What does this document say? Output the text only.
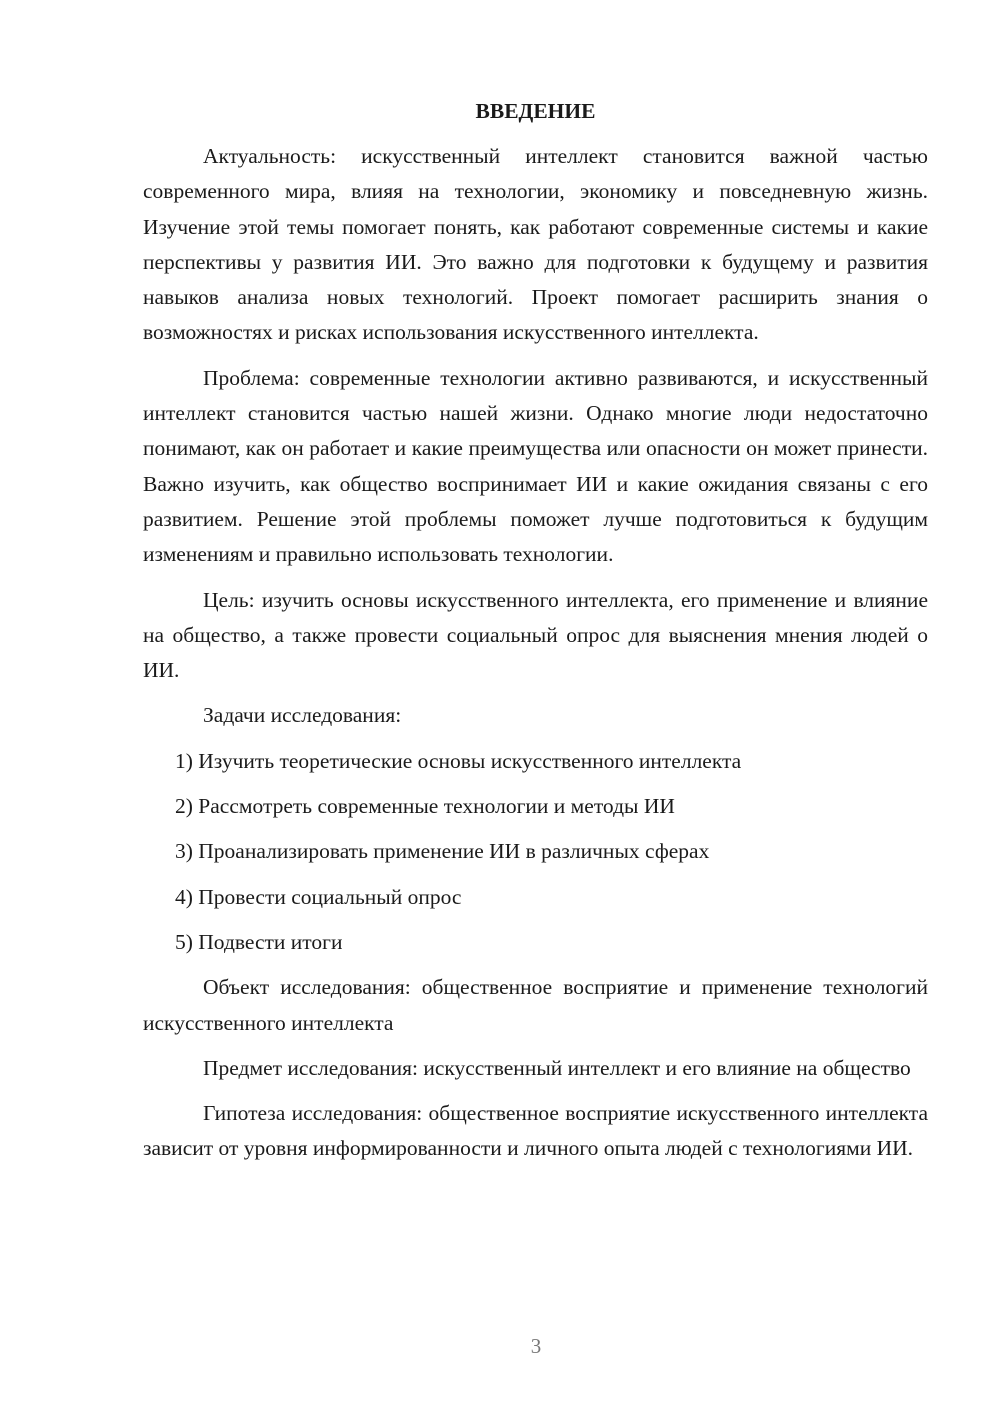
ВВЕДЕНИЕ

Актуальность: искусственный интеллект становится важной частью современного мира, влияя на технологии, экономику и повседневную жизнь. Изучение этой темы помогает понять, как работают современные системы и какие перспективы у развития ИИ. Это важно для подготовки к будущему и развития навыков анализа новых технологий. Проект помогает расширить знания о возможностях и рисках использования искусственного интеллекта.

Проблема: современные технологии активно развиваются, и искусственный интеллект становится частью нашей жизни. Однако многие люди недостаточно понимают, как он работает и какие преимущества или опасности он может принести. Важно изучить, как общество воспринимает ИИ и какие ожидания связаны с его развитием. Решение этой проблемы поможет лучше подготовиться к будущим изменениям и правильно использовать технологии.

Цель: изучить основы искусственного интеллекта, его применение и влияние на общество, а также провести социальный опрос для выяснения мнения людей о ИИ.

Задачи исследования:
1) Изучить теоретические основы искусственного интеллекта
2) Рассмотреть современные технологии и методы ИИ
3) Проанализировать применение ИИ в различных сферах
4) Провести социальный опрос
5) Подвести итоги

Объект исследования: общественное восприятие и применение технологий искусственного интеллекта

Предмет исследования: искусственный интеллект и его влияние на общество

Гипотеза исследования: общественное восприятие искусственного интеллекта зависит от уровня информированности и личного опыта людей с технологиями ИИ.

3
